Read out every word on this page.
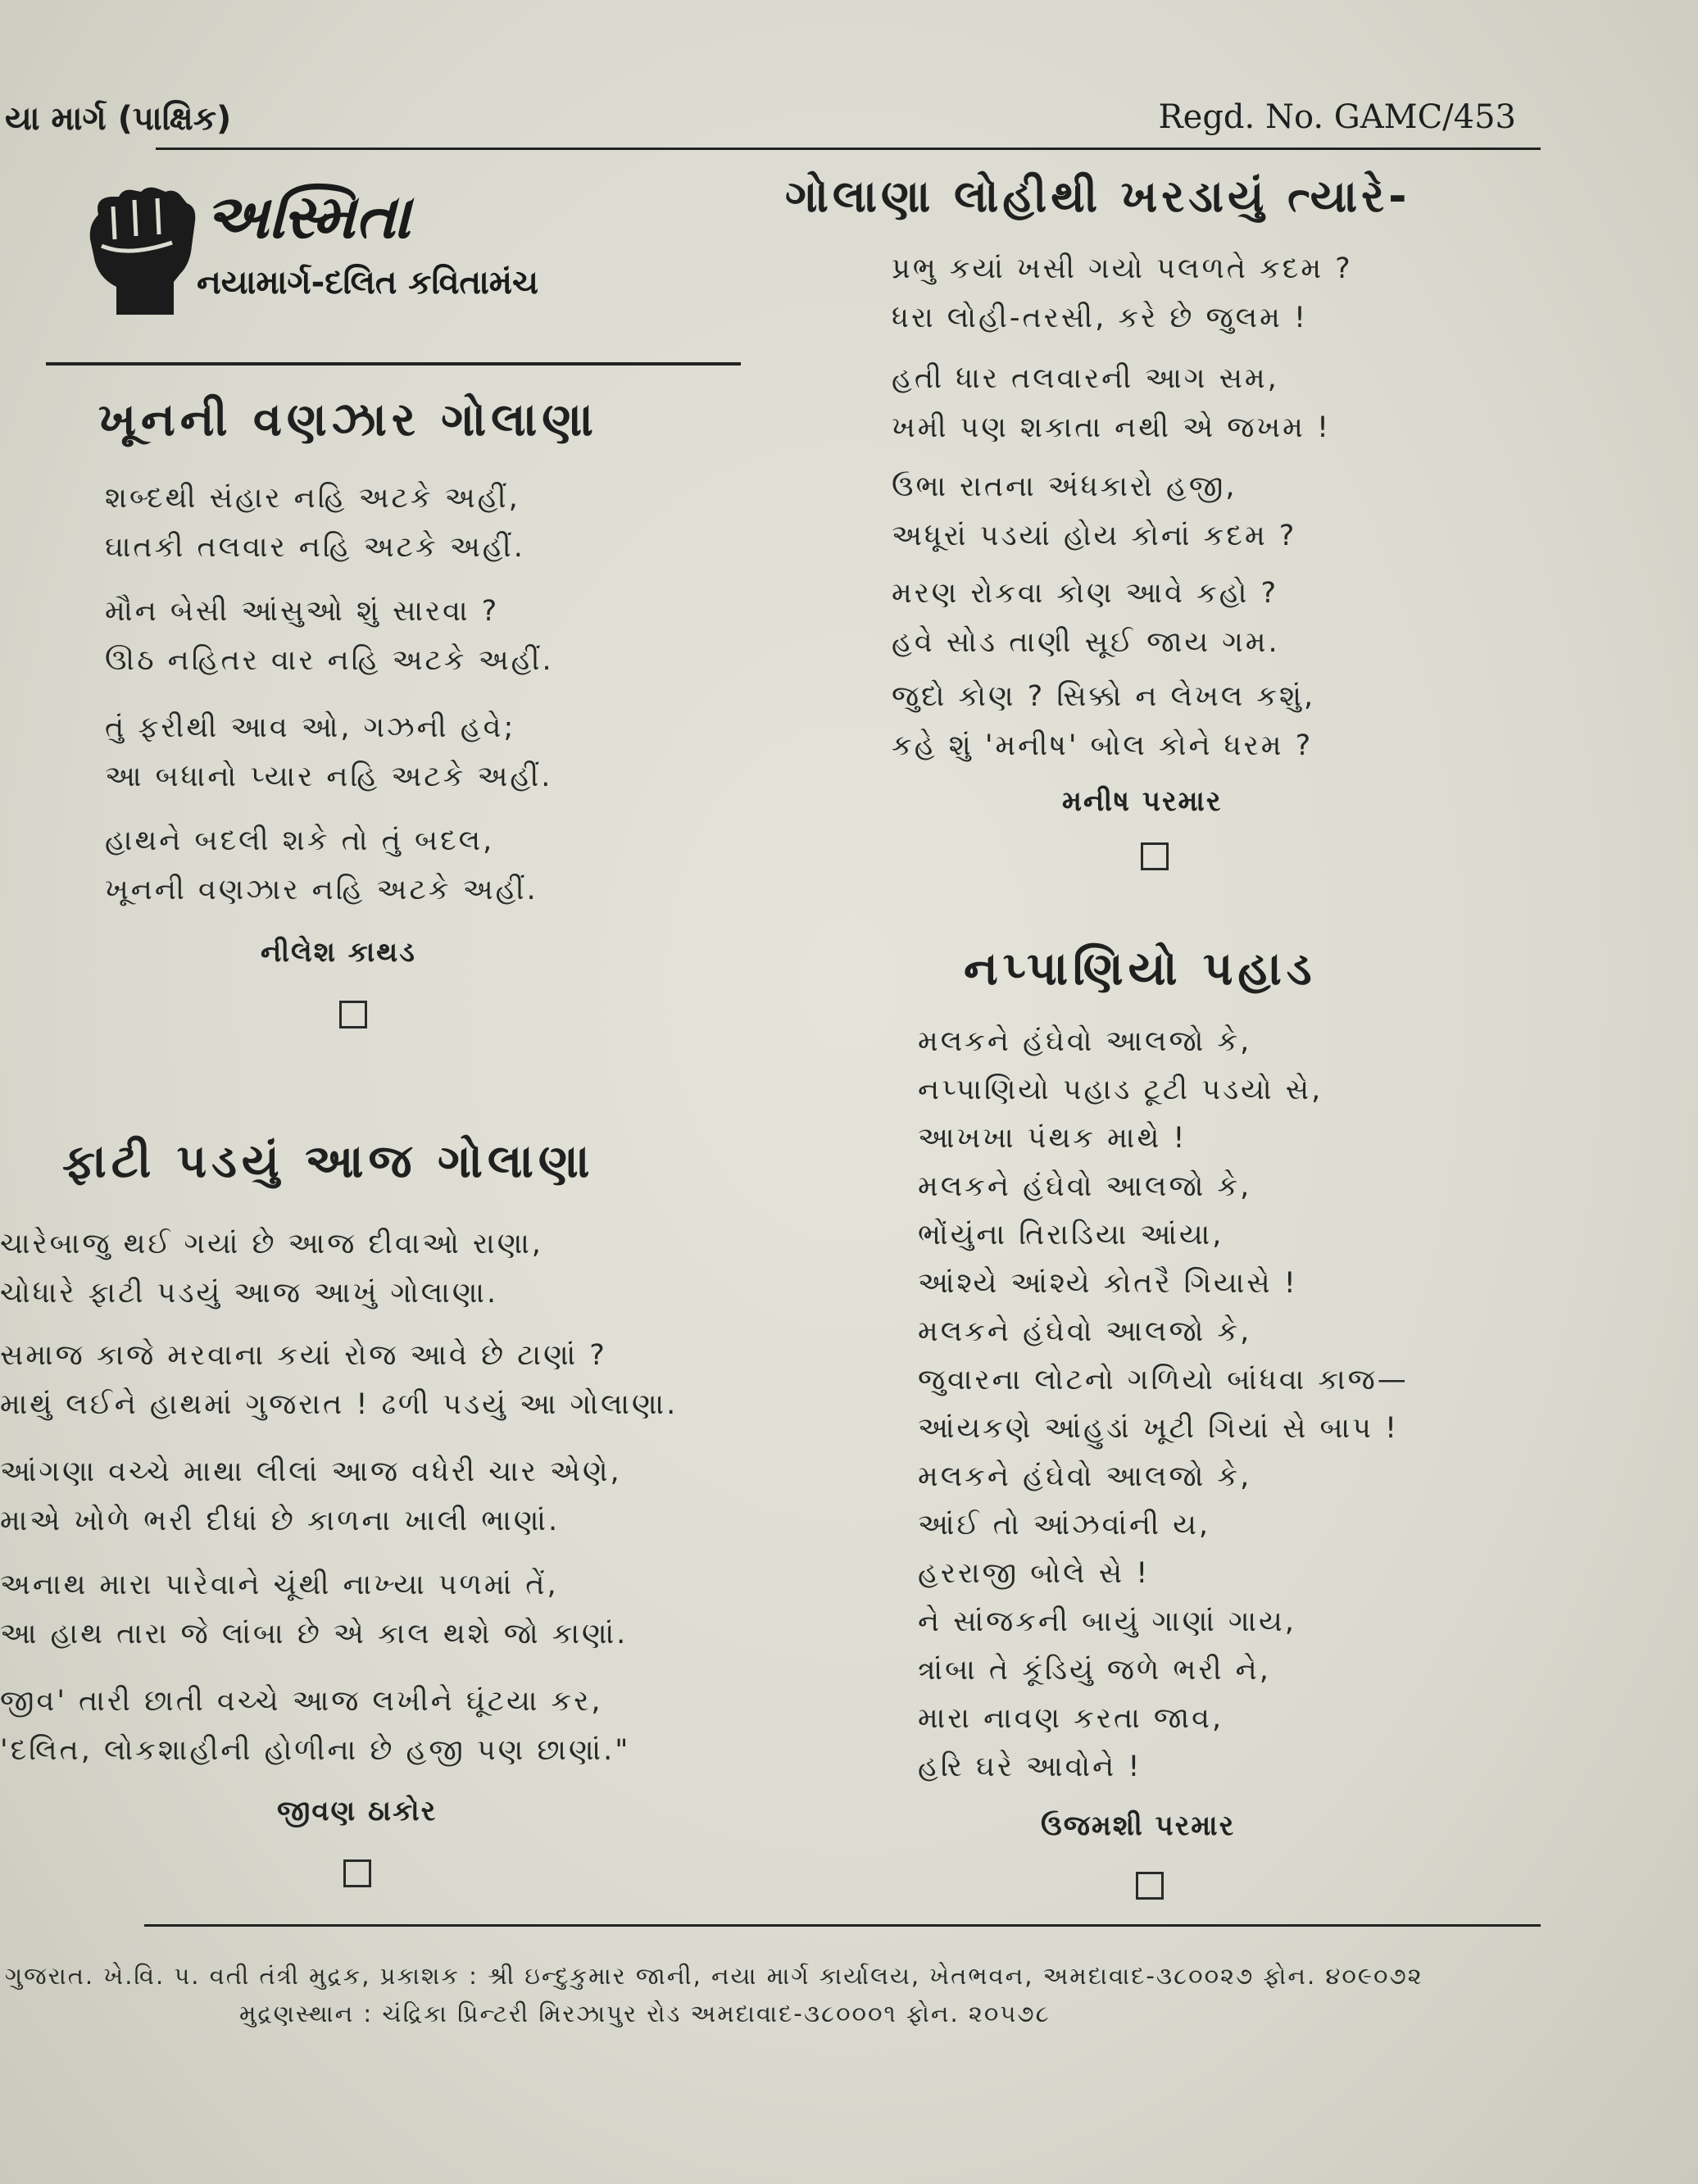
યા માર્ગ (પાક્ષિક)	Regd. No. GAMC/453
અસ્મિતા
નયામાર્ગ-દલિત કવિતામંચ
ખૂનની વણઝાર ગોલાણા
શબ્દથી સંહાર નહિ અટકે અહીં,
ઘાતકી તલવાર નહિ અટકે અહીં.
મૌન બેસી આંસુઓ શું સારવા ?
ઊઠ નહિતર વાર નહિ અટકે અહીં.
તું ફરીથી આવ ઓ, ગઝની હવે;
આ બધાનો પ્યાર નહિ અટકે અહીં.
હાથને બદલી શકે તો તું બદલ,
ખૂનની વણઝાર નહિ અટકે અહીં.
નીલેશ કાથડ
ફાટી પડયું આજ ગોલાણા
ચારેબાજુ થઈ ગયાં છે આજ દીવાઓ રાણા,
ચોધારે ફાટી પડયું આજ આખું ગોલાણા.
સમાજ કાજે મરવાના કયાં રોજ આવે છે ટાણાં ?
માથું લઈને હાથમાં ગુજરાત ! ઢળી પડયું આ ગોલાણા.
આંગણા વચ્ચે માથા લીલાં આજ વધેરી ચાર એણે,
માએ ખોળે ભરી દીધાં છે કાળના ખાલી ભાણાં.
અનાથ મારા પારેવાને ચૂંથી નાખ્યા પળમાં તેં,
આ હાથ તારા જે લાંબા છે એ કાલ થશે જો કાણાં.
જીવ' તારી છાતી વચ્ચે આજ લખીને ઘૂંટયા કર,
'દલિત, લોકશાહીની હોળીના છે હજી પણ છાણાં."
જીવણ ઠાકોર
ગોલાણા લોહીથી ખરડાયું ત્યારે-
પ્રભુ કયાં ખસી ગયો પલળતે કદમ ?
ધરા લોહી-તરસી, કરે છે જુલમ !
હતી ધાર તલવારની આગ સમ,
ખમી પણ શકાતા નથી એ જખમ !
ઉભા રાતના અંધકારો હજી,
અધૂરાં પડયાં હોય કોનાં કદમ ?
મરણ રોકવા કોણ આવે કહો ?
હવે સોડ તાણી સૂઈ જાય ગમ.
જુદો કોણ ? સિક્કો ન લેખલ કશું,
કહે શું 'મનીષ' બોલ કોને ધરમ ?
મનીષ પરમાર
નપ્પાણિયો પહાડ
મલકને હંઘેવો આલજો કે,
નપ્પાણિયો પહાડ ટૂટી પડયો સે,
આખખા પંથક માથે !
મલકને હંઘેવો આલજો કે,
ભોંયુંના તિરાડિયા આંયા,
આંશ્યે આંશ્યે કોતરૈ ગિયાસે !
મલકને હંઘેવો આલજો કે,
જુવારના લોટનો ગળિયો બાંધવા કાજ—
આંયકણે આંહુડાં ખૂટી ગિયાં સે બાપ !
મલકને હંઘેવો આલજો કે,
આંઈ તો આંઝવાંની ય,
હરરાજી બોલે સે !
ને સાંજકની બાયું ગાણાં ગાય,
ત્રાંબા તે કૂંડિયું જળે ભરી ને,
મારા નાવણ કરતા જાવ,
હરિ ઘરે આવોને !
ઉજમશી પરમાર
ગુજરાત. ખે.વિ. પ. વતી તંત્રી મુદ્રક, પ્રકાશક : શ્રી ઇન્દુકુમાર જાની, નયા માર્ગ કાર્યાલય, ખેતભવન, અમદાવાદ-૩૮૦૦૨૭ ફોન. ૪૦૯૦૭૨
મુદ્રણસ્થાન : ચંદ્રિકા પ્રિન્ટરી મિરઝાપુર રોડ અમદાવાદ-૩૮૦૦૦૧ ફોન. ૨૦૫૭૮
